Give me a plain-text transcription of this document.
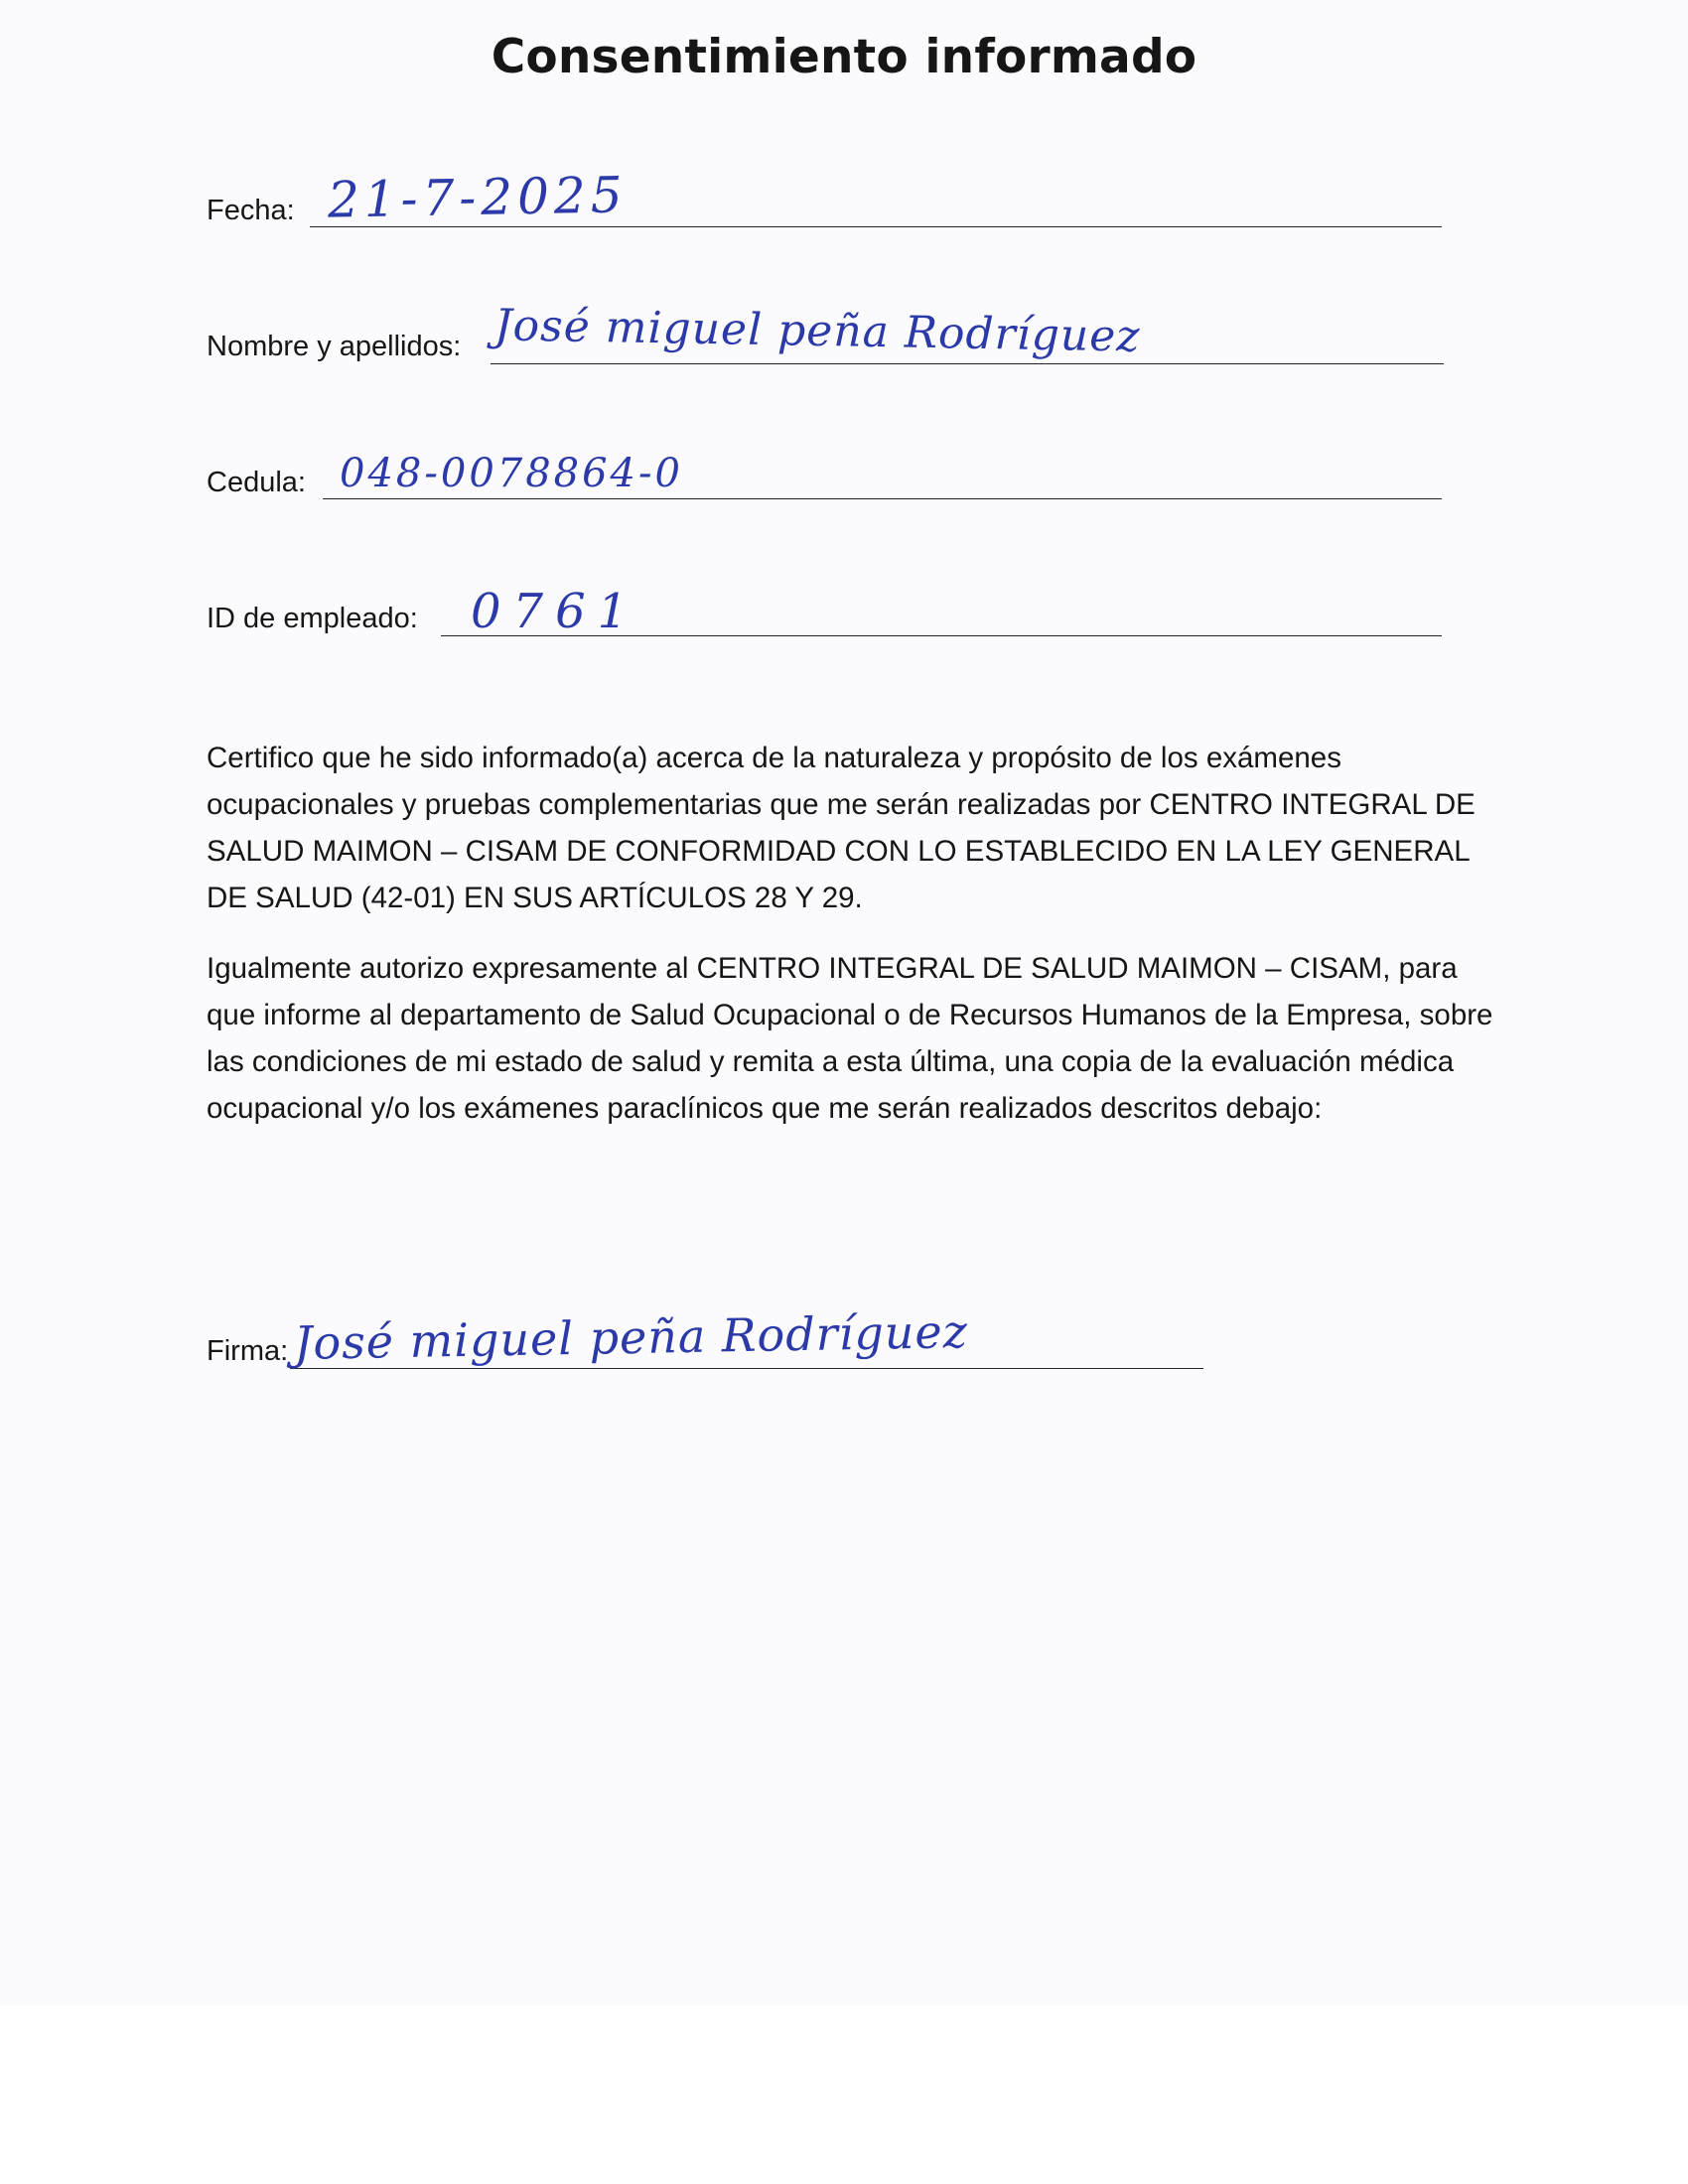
Consentimiento informado
Fecha: 21-7-2025
Nombre y apellidos: José miguel peña Rodríguez
Cedula: 048-0078864-0
ID de empleado: 0761

Certifico que he sido informado(a) acerca de la naturaleza y propósito de los exámenes ocupacionales y pruebas complementarias que me serán realizadas por CENTRO INTEGRAL DE SALUD MAIMON – CISAM DE CONFORMIDAD CON LO ESTABLECIDO EN LA LEY GENERAL DE SALUD (42-01) EN SUS ARTÍCULOS 28 Y 29.

Igualmente autorizo expresamente al CENTRO INTEGRAL DE SALUD MAIMON – CISAM, para que informe al departamento de Salud Ocupacional o de Recursos Humanos de la Empresa, sobre las condiciones de mi estado de salud y remita a esta última, una copia de la evaluación médica ocupacional y/o los exámenes paraclínicos que me serán realizados descritos debajo:

Firma: José miguel peña Rodríguez
